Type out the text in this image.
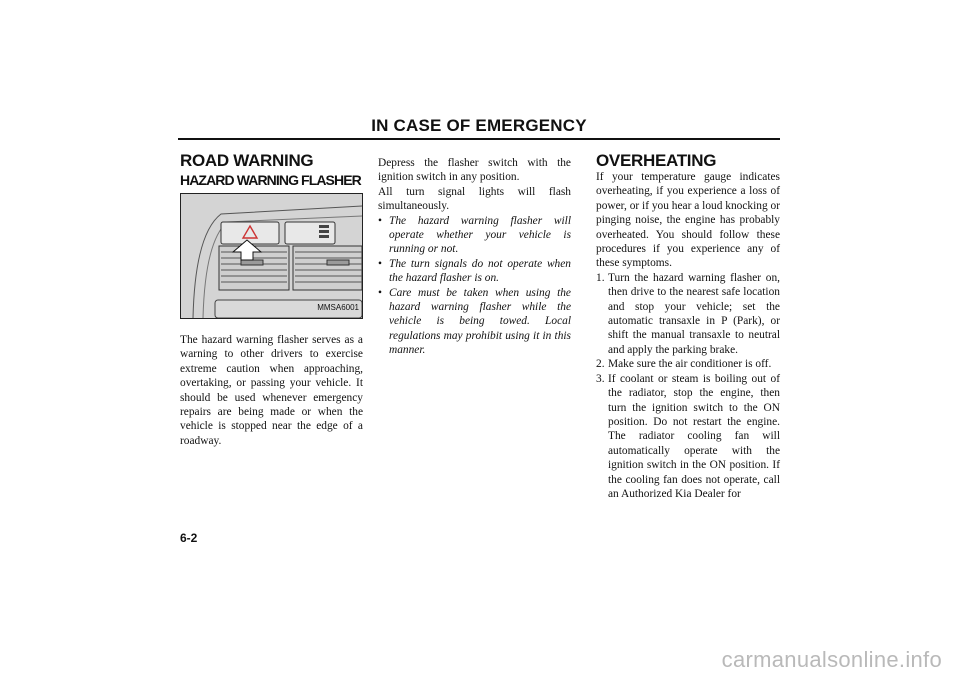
IN CASE OF EMERGENCY
ROAD WARNING
HAZARD WARNING FLASHER
MMSA6001

The hazard warning flasher serves as a warning to other drivers to exercise extreme caution when approaching, overtaking, or passing your vehicle. It should be used whenever emergency repairs are being made or when the vehicle is stopped near the edge of a roadway.

Depress the flasher switch with the ignition switch in any position.

All turn signal lights will flash simultaneously.

• The hazard warning flasher will operate whether your vehicle is running or not.
• The turn signals do not operate when the hazard flasher is on.
• Care must be taken when using the hazard warning flasher while the vehicle is being towed. Local regulations may prohibit using it in this manner.
OVERHEATING

If your temperature gauge indicates overheating, if you experience a loss of power, or if you hear a loud knocking or pinging noise, the engine has probably overheated. You should follow these procedures if you experience any of these symptoms.

1. Turn the hazard warning flasher on, then drive to the nearest safe location and stop your vehicle; set the automatic transaxle in P (Park), or shift the manual transaxle to neutral and apply the parking brake.
2. Make sure the air conditioner is off.
3. If coolant or steam is boiling out of the radiator, stop the engine, then turn the ignition switch to the ON position. Do not restart the engine. The radiator cooling fan will automatically operate with the ignition switch in the ON position. If the cooling fan does not operate, call an Authorized Kia Dealer for
6-2
carmanualsonline.info
